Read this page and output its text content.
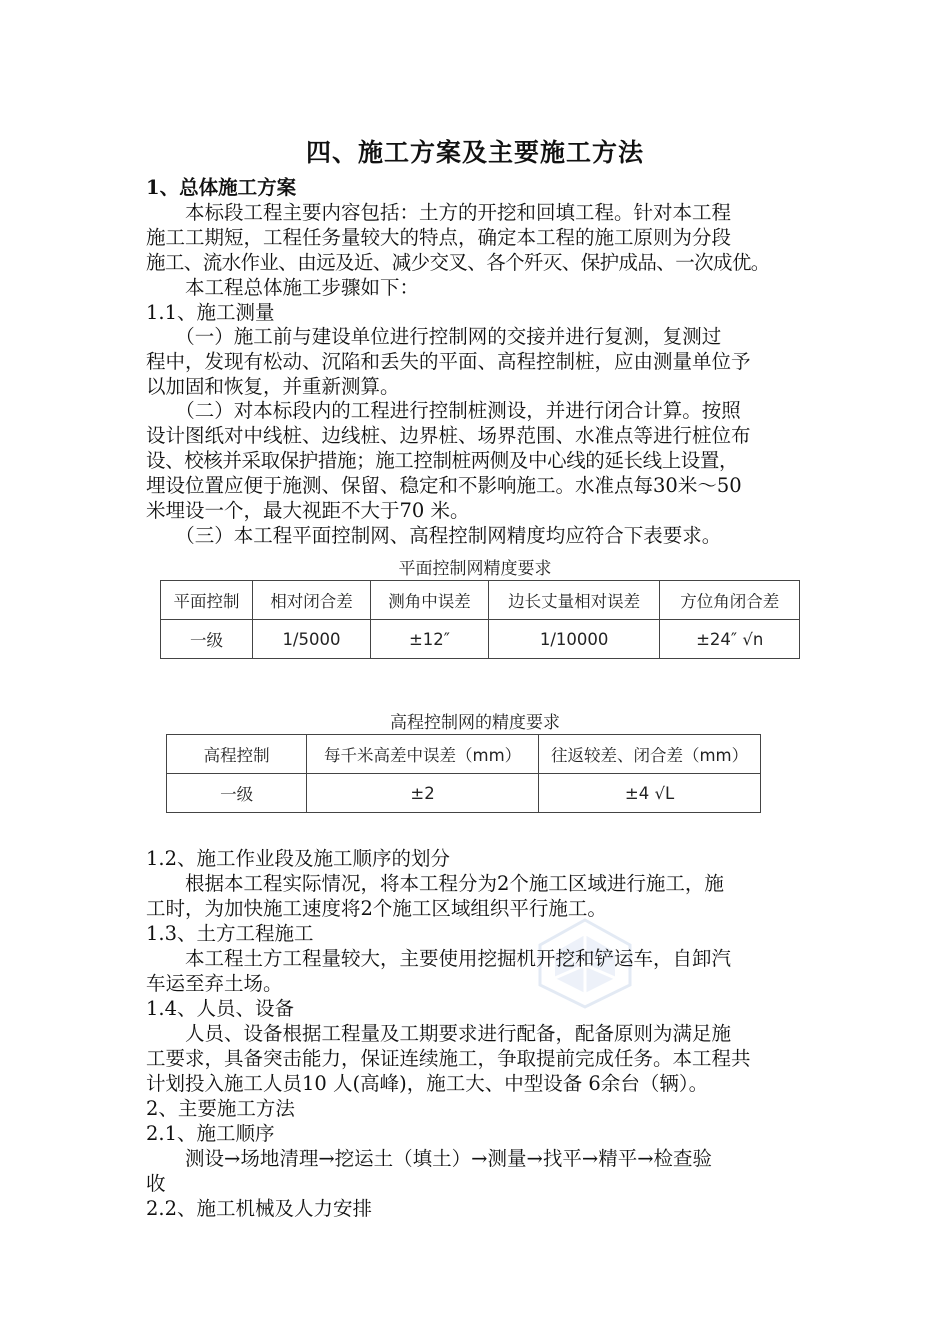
四、施工方案及主要施工方法
1、总体施工方案
　　本标段工程主要内容包括：土方的开挖和回填工程。针对本工程
施工工期短，工程任务量较大的特点，确定本工程的施工原则为分段
施工、流水作业、由远及近、减少交叉、各个歼灭、保护成品、一次成优。
　　本工程总体施工步骤如下：
1.1、施工测量
　　（一）施工前与建设单位进行控制网的交接并进行复测，复测过
程中，发现有松动、沉陷和丢失的平面、高程控制桩，应由测量单位予
以加固和恢复，并重新测算。
　　（二）对本标段内的工程进行控制桩测设，并进行闭合计算。按照
设计图纸对中线桩、边线桩、边界桩、场界范围、水准点等进行桩位布
设、校核并采取保护措施；施工控制桩两侧及中心线的延长线上设置，
埋设位置应便于施测、保留、稳定和不影响施工。水准点每30米～50
米埋设一个，最大视距不大于70 米。
　　（三）本工程平面控制网、高程控制网精度均应符合下表要求。
平面控制网精度要求
平面控制	相对闭合差	测角中误差	边长丈量相对误差	方位角闭合差
一级	1/5000	±12″	1/10000	±24″ √n
高程控制网的精度要求
高程控制	每千米高差中误差（mm）	往返较差、闭合差（mm）
一级	±2	±4 √L
1.2、施工作业段及施工顺序的划分
　　根据本工程实际情况，将本工程分为2个施工区域进行施工，施
工时，为加快施工速度将2个施工区域组织平行施工。
1.3、土方工程施工
　　本工程土方工程量较大，主要使用挖掘机开挖和铲运车，自卸汽
车运至弃土场。
1.4、人员、设备
　　人员、设备根据工程量及工期要求进行配备，配备原则为满足施
工要求，具备突击能力，保证连续施工，争取提前完成任务。本工程共
计划投入施工人员10 人(高峰)，施工大、中型设备 6余台（辆）。
2、主要施工方法
2.1、施工顺序
　　测设→场地清理→挖运土（填土）→测量→找平→精平→检查验
收
2.2、施工机械及人力安排
